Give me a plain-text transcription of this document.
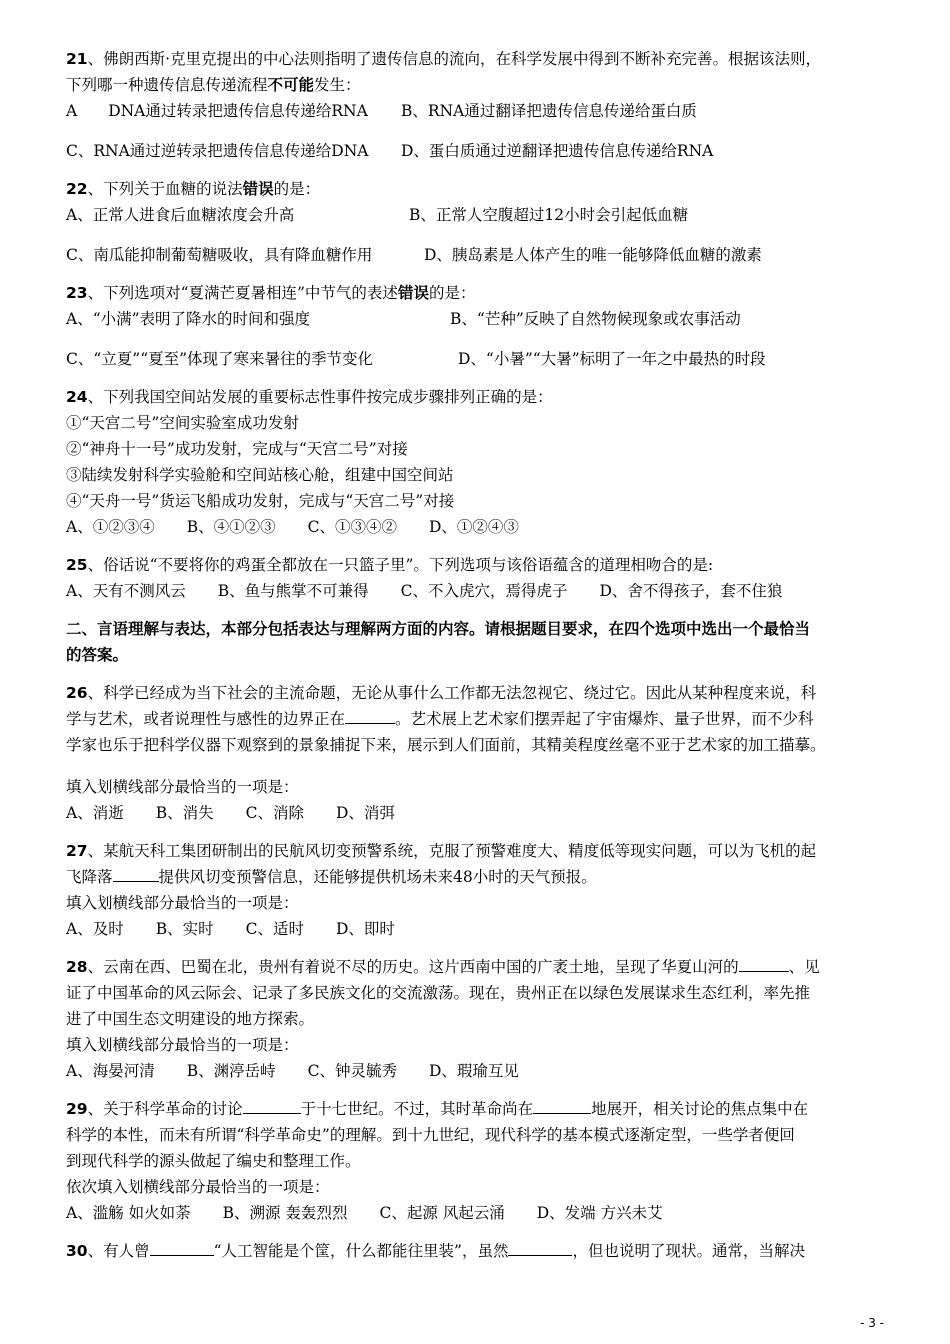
21、佛朗西斯·克里克提出的中心法则指明了遗传信息的流向，在科学发展中得到不断补充完善。根据该法则，
下列哪一种遗传信息传递流程不可能发生：
A　　DNA通过转录把遗传信息传递给RNA	B、RNA通过翻译把遗传信息传递给蛋白质
C、RNA通过逆转录把遗传信息传递给DNA	D、蛋白质通过逆翻译把遗传信息传递给RNA
22、下列关于血糖的说法错误的是：
A、正常人进食后血糖浓度会升高	B、正常人空腹超过12小时会引起低血糖
C、南瓜能抑制葡萄糖吸收，具有降血糖作用	D、胰岛素是人体产生的唯一能够降低血糖的激素
23、下列选项对“夏满芒夏暑相连”中节气的表述错误的是：
A、“小满”表明了降水的时间和强度	B、“芒种”反映了自然物候现象或农事活动
C、“立夏”“夏至”体现了寒来暑往的季节变化	D、“小暑”“大暑”标明了一年之中最热的时段
24、下列我国空间站发展的重要标志性事件按完成步骤排列正确的是：
①“天宫二号”空间实验室成功发射
②“神舟十一号”成功发射，完成与“天宫二号”对接
③陆续发射科学实验舱和空间站核心舱，组建中国空间站
④“天舟一号”货运飞船成功发射，完成与“天宫二号”对接
A、①②③④ B、④①②③ C、①③④② D、①②④③
25、俗话说“不要将你的鸡蛋全都放在一只篮子里”。下列选项与该俗语蕴含的道理相吻合的是:
A、天有不测风云 B、鱼与熊掌不可兼得 C、不入虎穴，焉得虎子 D、舍不得孩子，套不住狼
二、言语理解与表达，本部分包括表达与理解两方面的内容。请根据题目要求，在四个选项中选出一个最恰当
的答案。
26、科学已经成为当下社会的主流命题，无论从事什么工作都无法忽视它、绕过它。因此从某种程度来说，科
学与艺术，或者说理性与感性的边界正在	。艺术展上艺术家们摆弄起了宇宙爆炸、量子世界，而不少科
学家也乐于把科学仪器下观察到的景象捕捉下来，展示到人们面前，其精美程度丝毫不亚于艺术家的加工描摹。
填入划横线部分最恰当的一项是：
A、消逝 B、消失 C、消除 D、消弭
27、某航天科工集团研制出的民航风切变预警系统，克服了预警难度大、精度低等现实问题，可以为飞机的起
飞降落	提供风切变预警信息，还能够提供机场未来48小时的天气预报。
填入划横线部分最恰当的一项是：
A、及时 B、实时 C、适时 D、即时
28、云南在西、巴蜀在北，贵州有着说不尽的历史。这片西南中国的广袤土地，呈现了华夏山河的	、见
证了中国革命的风云际会、记录了多民族文化的交流激荡。现在，贵州正在以绿色发展谋求生态红利，率先推
进了中国生态文明建设的地方探索。
填入划横线部分最恰当的一项是：
A、海晏河清 B、渊渟岳峙 C、钟灵毓秀 D、瑕瑜互见
29、关于科学革命的讨论	于十七世纪。不过，其时革命尚在	地展开，相关讨论的焦点集中在
科学的本性，而未有所谓“科学革命史”的理解。到十九世纪，现代科学的基本模式逐渐定型，一些学者便回
到现代科学的源头做起了编史和整理工作。
依次填入划横线部分最恰当的一项是：
A、滥觞 如火如荼 B、溯源 轰轰烈烈 C、起源 风起云涌 D、发端 方兴未艾
30、有人曾	“人工智能是个筐，什么都能往里装”，虽然	，但也说明了现状。通常，当解决
- 3 -
